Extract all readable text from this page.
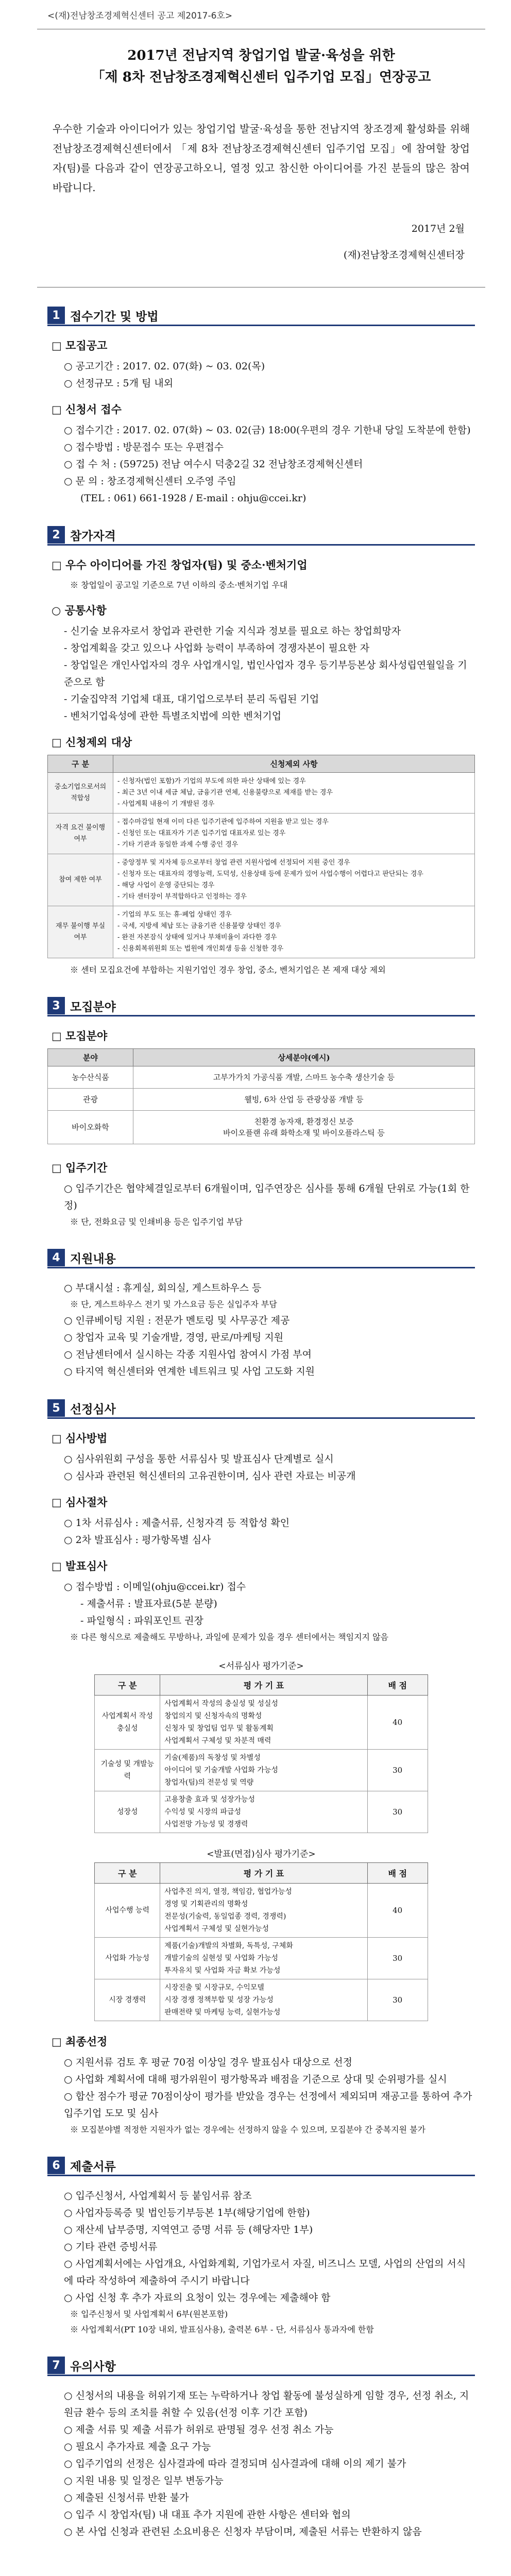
<(재)전남창조경제혁신센터 공고 제2017-6호>
2017년 전남지역 창업기업 발굴·육성을 위한
「제 8차 전남창조경제혁신센터 입주기업 모집」연장공고
우수한 기술과 아이디어가 있는 창업기업 발굴·육성을 통한 전남지역 창조경제 활성화를 위해 전남창조경제혁신센터에서 「제 8차 전남창조경제혁신센터 입주기업 모집」에 참여할 창업자(팀)를 다음과 같이 연장공고하오니, 열정 있고 참신한 아이디어를 가진 분들의 많은 참여 바랍니다.
2017년 2월
(재)전남창조경제혁신센터장
1 접수기간 및 방법
□ 모집공고
○ 공고기간 : 2017. 02. 07(화) ~ 03. 02(목)
○ 선정규모 : 5개 팀 내외
□ 신청서 접수
○ 접수기간 : 2017. 02. 07(화) ~ 03. 02(금) 18:00(우편의 경우 기한내 당일 도착분에 한함)
○ 접수방법 : 방문접수 또는 우편접수
○ 접 수 처 : (59725) 전남 여수시 덕충2길 32 전남창조경제혁신센터
○ 문 의 : 창조경제혁신센터 오주영 주임
(TEL : 061) 661-1928 / E-mail : ohju@ccei.kr)
2 참가자격
□ 우수 아이디어를 가진 창업자(팀) 및 중소·벤처기업
※ 창업일이 공고일 기준으로 7년 이하의 중소·벤처기업 우대
○ 공통사항
- 신기술 보유자로서 창업과 관련한 기술 지식과 정보를 필요로 하는 창업희망자
- 창업계획을 갖고 있으나 사업화 능력이 부족하여 경쟁자본이 필요한 자
- 창업일은 개인사업자의 경우 사업개시일, 법인사업자 경우 등기부등본상 회사성립연월일을 기준으로 함
- 기술집약적 기업체 대표, 대기업으로부터 분리 독립된 기업
- 벤처기업육성에 관한 특별조치법에 의한 벤처기업
□ 신청제외 대상
구 분	신청제외 사항
중소기업으로서의 적합성	- 신청자(법인 포함)가 기업의 부도에 의한 파산 상태에 있는 경우
- 최근 3년 이내 세금 체납, 금융기관 연체, 신용불량으로 제재를 받는 경우
- 사업계획 내용이 기 개발된 경우
자격 요건 불이행 여부	- 접수마감일 현재 이미 다른 입주기관에 입주하여 지원을 받고 있는 경우
- 신청인 또는 대표자가 기존 입주기업 대표자로 있는 경우
- 기타 기관과 동일한 과제 수행 중인 경우
참여 제한 여부	- 중앙정부 및 지자체 등으로부터 창업 관련 지원사업에 선정되어 지원 중인 경우
- 신청자 또는 대표자의 경영능력, 도덕성, 신용상태 등에 문제가 있어 사업수행이 어렵다고 판단되는 경우
- 해당 사업이 운영 중단되는 경우
- 기타 센터장이 부적합하다고 인정하는 경우
재무 불이행 부실 여부	- 기업의 부도 또는 휴·폐업 상태인 경우
- 국세, 지방세 체납 또는 금융기관 신용불량 상태인 경우
- 완전 자본잠식 상태에 있거나 부채비율이 과다한 경우
- 신용회복위원회 또는 법원에 개인회생 등을 신청한 경우
※ 센터 모집요건에 부합하는 지원기업인 경우 창업, 중소, 벤처기업은 본 제재 대상 제외
3 모집분야
□ 모집분야
분야	상세분야(예시)
농수산식품	고부가가치 가공식품 개발, 스마트 농수축 생산기술 등
관광	웰빙, 6차 산업 등 관광상품 개발 등
바이오화학	친환경 농자재, 환경정신 보증
바이오플랜 유래 화학소재 및 바이오플라스틱 등
□ 입주기간
○ 입주기간은 협약체결일로부터 6개월이며, 입주연장은 심사를 통해 6개월 단위로 가능(1회 한정)
※ 단, 전화요금 및 인쇄비용 등은 입주기업 부담
4 지원내용
○ 부대시설 : 휴게실, 회의실, 게스트하우스 등
※ 단, 게스트하우스 전기 및 가스요금 등은 실입주자 부담
○ 인큐베이팅 지원 : 전문가 멘토링 및 사무공간 제공
○ 창업자 교육 및 기술개발, 경영, 판로/마케팅 지원
○ 전남센터에서 실시하는 각종 지원사업 참여시 가점 부여
○ 타지역 혁신센터와 연계한 네트워크 및 사업 고도화 지원
5 선정심사
□ 심사방법
○ 심사위원회 구성을 통한 서류심사 및 발표심사 단계별로 실시
○ 심사과 관련된 혁신센터의 고유권한이며, 심사 관련 자료는 비공개
□ 심사절차
○ 1차 서류심사 : 제출서류, 신청자격 등 적합성 확인
○ 2차 발표심사 : 평가항목별 심사
□ 발표심사
○ 접수방법 : 이메일(ohju@ccei.kr) 접수
- 제출서류 : 발표자료(5분 분량)
- 파일형식 : 파워포인트 권장
※ 다른 형식으로 제출해도 무방하나, 과일에 문제가 있을 경우 센터에서는 책임지지 않음
<서류심사 평가기준>
구 분	평 가 기 표	배 점
사업계획서 작성 충실성	사업계획서 작성의 충실성 및 성실성
창업의지 및 신청자속의 명확성
신청자 및 창업팀 업무 및 활동계획
사업계획서 구체성 및 차분적 매력	40
기술성 및 개발능력	기술(제품)의 독창성 및 차별성
아이디어 및 기술개발 사업화 가능성
창업자(팀)의 전문성 및 역량	30
성장성	고용창출 효과 및 성장가능성
수익성 및 시장의 파급성
사업전망 가능성 및 경쟁력	30
<발표(면접)심사 평가기준>
구 분	평 가 기 표	배 점
사업수행 능력	사업추진 의지, 열정, 책임감, 협업가능성
경영 및 기획관리의 명확성
전문성(기술력, 동일업종 경력, 경쟁력)
사업계획서 구체성 및 실현가능성	40
사업화 가능성	제품(기술)개발의 차별화, 독특성, 구체화
개발기술의 실현성 및 사업화 가능성
투자유치 및 사업화 자금 확보 가능성	30
시장 경쟁력	시장진출 및 시장규모, 수익모델
시장 경쟁 정책부합 및 성장 가능성
판매전략 및 마케팅 능력, 실현가능성	30
□ 최종선정
○ 지원서류 검토 후 평균 70점 이상일 경우 발표심사 대상으로 선정
○ 사업화 계획서에 대해 평가위원이 평가항목과 배점을 기준으로 상대 및 순위평가를 실시
○ 합산 점수가 평균 70점이상이 평가를 받았을 경우는 선정에서 제외되며 재공고를 통하여 추가 입주기업 도모 및 심사
※ 모집분야별 적정한 지원자가 없는 경우에는 선정하지 않을 수 있으며, 모집분야 간 중복지원 불가
6 제출서류
○ 입주신청서, 사업계획서 등 붙임서류 참조
○ 사업자등록증 및 법인등기부등본 1부(해당기업에 한함)
○ 재산세 납부증명, 지역연고 증명 서류 등 (해당자만 1부)
○ 기타 관련 증빙서류
○ 사업계획서에는 사업개요, 사업화계획, 기업가로서 자질, 비즈니스 모델, 사업의 산업의 서식에 따라 작성하여 제출하여 주시기 바랍니다
○ 사업 신청 후 추가 자료의 요청이 있는 경우에는 제출해야 함
※ 입주신청서 및 사업계획서 6부(원본포함)
※ 사업계획서(PT 10장 내외, 발표심사용), 출력본 6부 - 단, 서류심사 통과자에 한함
7 유의사항
○ 신청서의 내용을 허위기재 또는 누락하거나 창업 활동에 불성실하게 임할 경우, 선정 취소, 지원금 환수 등의 조치를 취할 수 있음(선정 이후 기간 포함)
○ 제출 서류 및 제출 서류가 허위로 판명될 경우 선정 취소 가능
○ 필요시 추가자료 제출 요구 가능
○ 입주기업의 선정은 심사결과에 따라 결정되며 심사결과에 대해 이의 제기 불가
○ 지원 내용 및 일정은 일부 변동가능
○ 제출된 신청서류 반환 불가
○ 입주 시 창업자(팀) 내 대표 추가 지원에 관한 사항은 센터와 협의
○ 본 사업 신청과 관련된 소요비용은 신청자 부담이며, 제출된 서류는 반환하지 않음
